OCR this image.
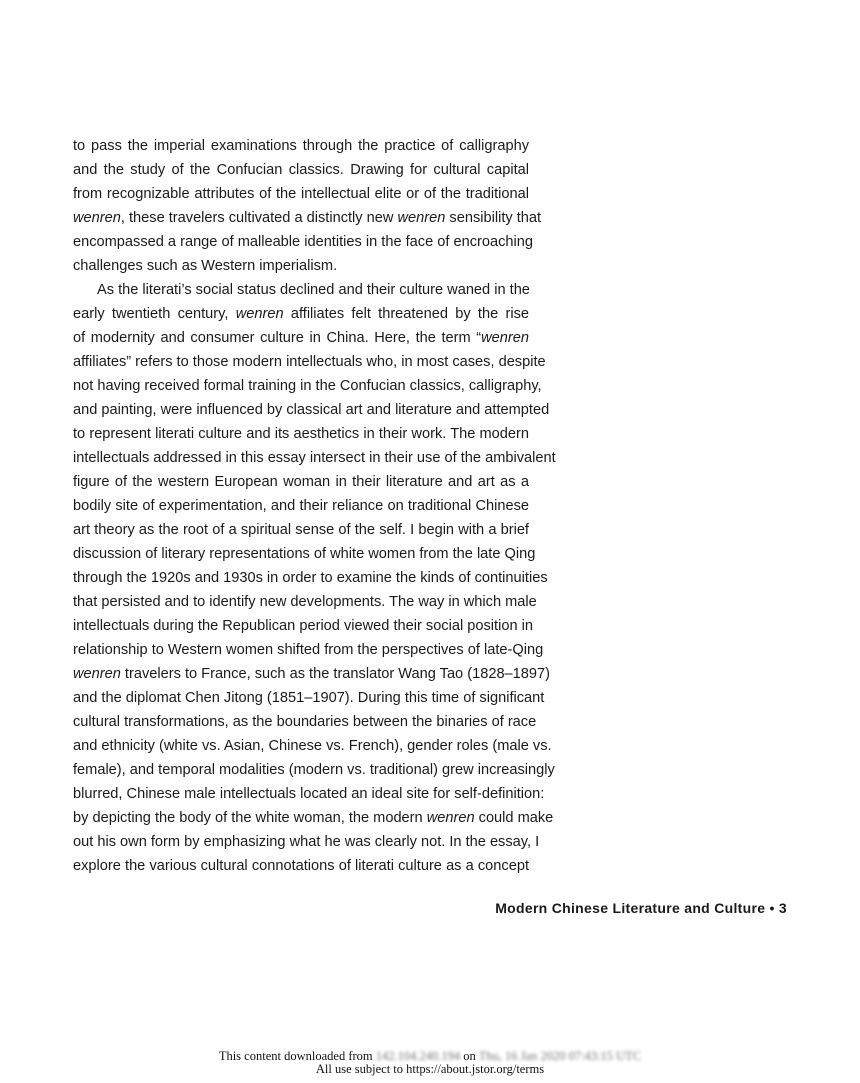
to pass the imperial examinations through the practice of calligraphy
and the study of the Confucian classics. Drawing for cultural capital
from recognizable attributes of the intellectual elite or of the traditional
wenren, these travelers cultivated a distinctly new wenren sensibility that
encompassed a range of malleable identities in the face of encroaching
challenges such as Western imperialism.
As the literati’s social status declined and their culture waned in the
early twentieth century, wenren affiliates felt threatened by the rise
of modernity and consumer culture in China. Here, the term “wenren
affiliates” refers to those modern intellectuals who, in most cases, despite
not having received formal training in the Confucian classics, calligraphy,
and painting, were influenced by classical art and literature and attempted
to represent literati culture and its aesthetics in their work. The modern
intellectuals addressed in this essay intersect in their use of the ambivalent
figure of the western European woman in their literature and art as a
bodily site of experimentation, and their reliance on traditional Chinese
art theory as the root of a spiritual sense of the self. I begin with a brief
discussion of literary representations of white women from the late Qing
through the 1920s and 1930s in order to examine the kinds of continuities
that persisted and to identify new developments. The way in which male
intellectuals during the Republican period viewed their social position in
relationship to Western women shifted from the perspectives of late-Qing
wenren travelers to France, such as the translator Wang Tao (1828–1897)
and the diplomat Chen Jitong (1851–1907). During this time of significant
cultural transformations, as the boundaries between the binaries of race
and ethnicity (white vs. Asian, Chinese vs. French), gender roles (male vs.
female), and temporal modalities (modern vs. traditional) grew increasingly
blurred, Chinese male intellectuals located an ideal site for self-definition:
by depicting the body of the white woman, the modern wenren could make
out his own form by emphasizing what he was clearly not. In the essay, I
explore the various cultural connotations of literati culture as a concept
Modern Chinese Literature and Culture • 3
This content downloaded from 142.104.240.194 on Thu, 16 Jan 2020 07:43:15 UTC
All use subject to https://about.jstor.org/terms
